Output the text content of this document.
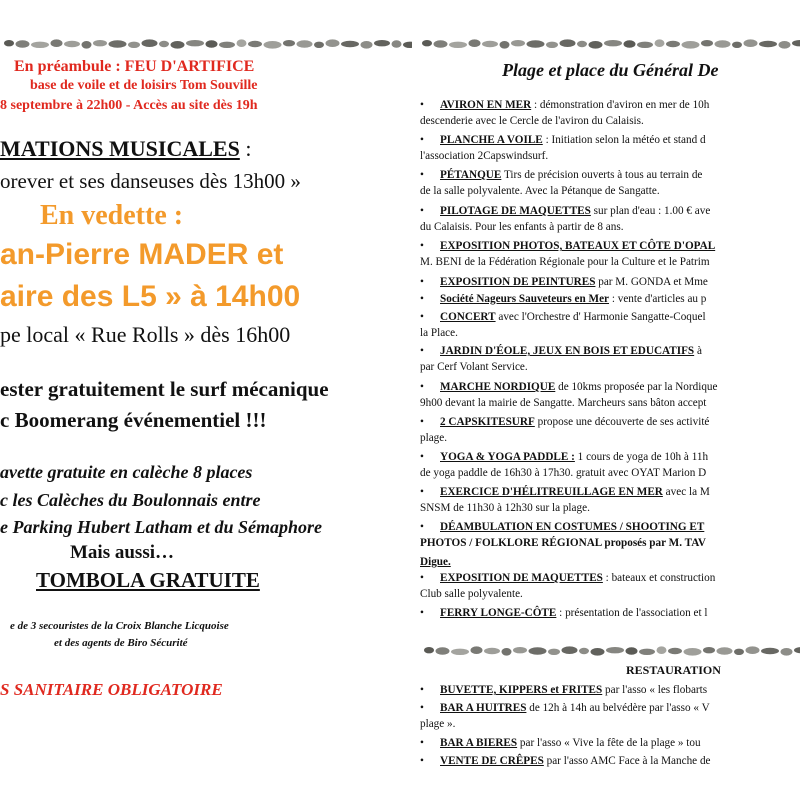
En préambule : FEU D'ARTIFICE
base de voile et de loisirs Tom Souville
8 septembre à 22h00 - Accès au site dès 19h
MATIONS MUSICALES :
orever et ses danseuses dès 13h00 »
En vedette :
an-Pierre MADER et
aire des L5 » à 14h00
pe local « Rue Rolls » dès 16h00
ester gratuitement le surf mécanique
c Boomerang événementiel !!!
avette gratuite en calèche 8 places
c les Calèches du Boulonnais entre
e Parking Hubert Latham et du Sémaphore
Mais aussi…
TOMBOLA GRATUITE
e de 3 secouristes de la Croix Blanche Licquoise
et des agents de Biro Sécurité
S SANITAIRE OBLIGATOIRE
Plage et place du Général De
• AVIRON EN MER : démonstration d'aviron en mer de 10h
descenderie avec le Cercle de l'aviron du Calaisis.
• PLANCHE A VOILE : Initiation selon la météo et stand d
l'association 2Capswindsurf.
• PÉTANQUE Tirs de précision ouverts à tous au terrain de
de la salle polyvalente. Avec la Pétanque de Sangatte.
• PILOTAGE DE MAQUETTES sur plan d'eau : 1.00 € ave
du Calaisis. Pour les enfants à partir de 8 ans.
• EXPOSITION PHOTOS, BATEAUX ET CÔTE D'OPAL
M. BENI de la Fédération Régionale pour la Culture et le Patrim
• EXPOSITION DE PEINTURES par M. GONDA et Mme
• Société Nageurs Sauveteurs en Mer : vente d'articles au p
• CONCERT avec l'Orchestre d' Harmonie Sangatte-Coquel
la Place.
• JARDIN D'ÉOLE, JEUX EN BOIS ET EDUCATIFS à
par Cerf Volant Service.
• MARCHE NORDIQUE de 10kms proposée par la Nordique
9h00 devant la mairie de Sangatte. Marcheurs sans bâton accept
• 2 CAPSKITESURF propose une découverte de ses activité
plage.
• YOGA & YOGA PADDLE : 1 cours de yoga de 10h à 11h
de yoga paddle de 16h30 à 17h30. gratuit avec OYAT Marion D
• EXERCICE D'HÉLITREUILLAGE EN MER avec la M
SNSM de 11h30 à 12h30 sur la plage.
• DÉAMBULATION EN COSTUMES / SHOOTING ET
PHOTOS / FOLKLORE RÉGIONAL proposés par M. TAV
• EXPOSITION DE MAQUETTES : bateaux et construction
Club salle polyvalente.
• FERRY LONGE-CÔTE : présentation de l'association et l
Digue.
RESTAURATION
• BUVETTE, KIPPERS et FRITES par l'asso « les flobarts
• BAR A HUITRES de 12h à 14h au belvédère par l'asso « V
plage ».
• BAR A BIERES par l'asso « Vive la fête de la plage » tou
• VENTE DE CRÊPES par l'asso AMC Face à la Manche de
